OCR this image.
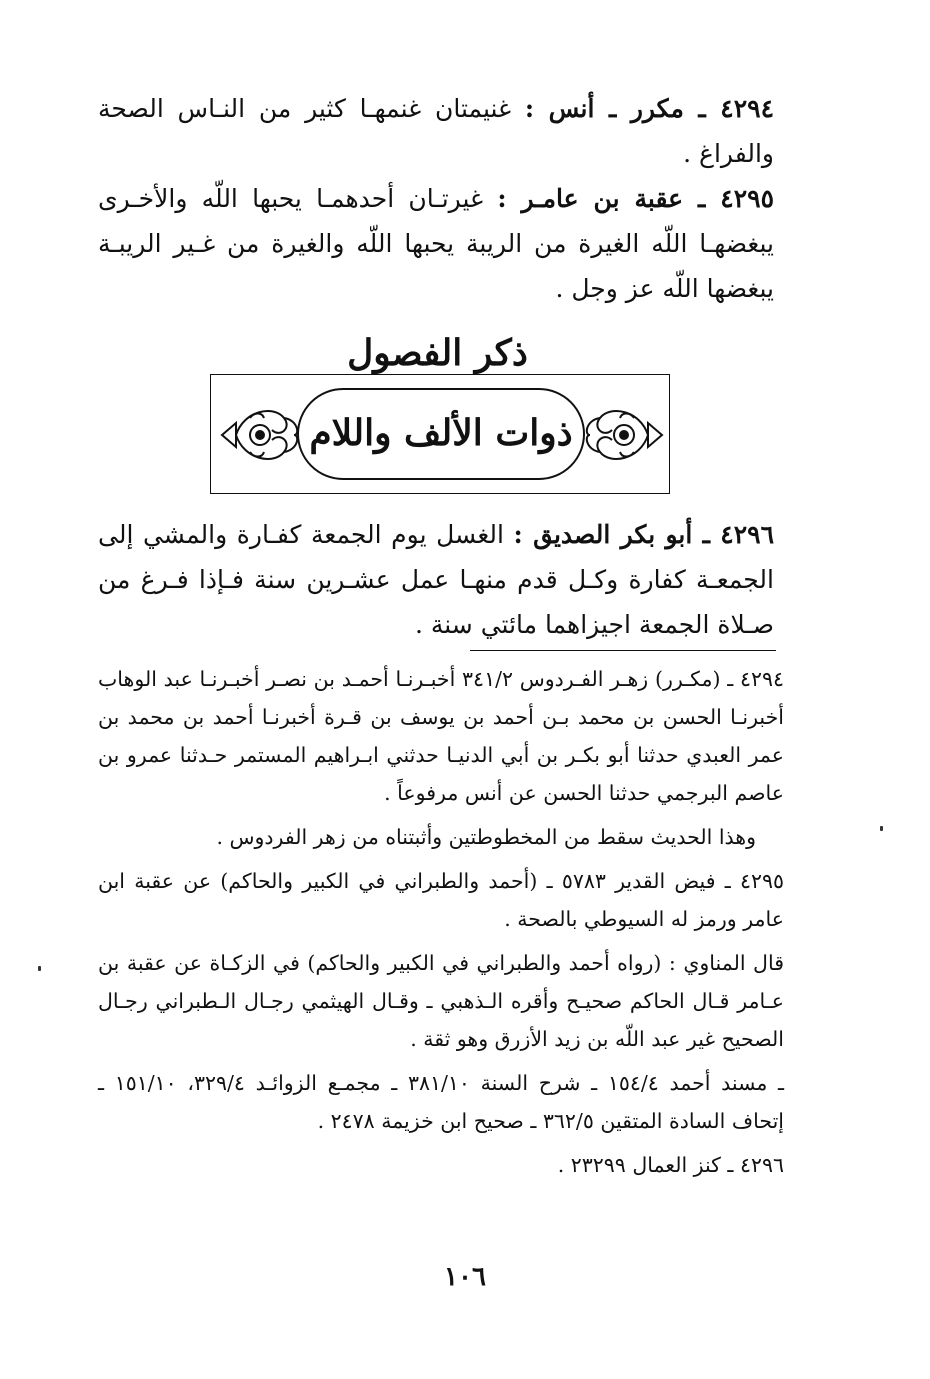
٤٢٩٤ ـ مكرر ـ أنس : غنيمتان غنمهـا كثير من النـاس الصحة والفراغ .

٤٢٩٥ ـ عقبة بن عامـر : غيرتـان أحدهمـا يحبها اللّه والأخـرى يبغضهـا اللّه الغيرة من الريبة يحبها اللّه والغيرة من غـير الريبـة يبغضها اللّه عز وجل .

ذكر الفصول
ذوات الألف واللام

٤٢٩٦ ـ أبو بكر الصديق : الغسل يوم الجمعة كفـارة والمشي إلى الجمعـة كفارة وكـل قدم منهـا عمل عشـرين سنة فـإذا فـرغ من صـلاة الجمعة اجيزاهما مائتي سنة .

٤٢٩٤ ـ (مكـرر) زهـر الفـردوس ٣٤١/٢ أخبـرنـا أحمـد بن نصـر أخبـرنـا عبد الوهاب أخبرنـا الحسن بن محمد بـن أحمد بن يوسف بن قـرة أخبرنـا أحمد بن محمد بن عمر العبدي حدثنا أبو بكـر بن أبي الدنيـا حدثني ابـراهيم المستمر حـدثنا عمرو بن عاصم البرجمي حدثنا الحسن عن أنس مرفوعاً .

وهذا الحديث سقط من المخطوطتين وأثبتناه من زهر الفردوس .

٤٢٩٥ ـ فيض القدير ٥٧٨٣ ـ (أحمد والطبراني في الكبير والحاكم) عن عقبة ابن عامر ورمز له السيوطي بالصحة .

قال المناوي : (رواه أحمد والطبراني في الكبير والحاكم) في الزكـاة عن عقبة بن عـامر قـال الحاكم صحيـح وأقره الـذهبي ـ وقـال الهيثمي رجـال الـطبراني رجـال الصحيح غير عبد اللّه بن زيد الأزرق وهو ثقة .

ـ مسند أحمد ١٥٤/٤ ـ شرح السنة ٣٨١/١٠ ـ مجمـع الزوائـد ٣٢٩/٤، ١٥١/١٠ ـ إتحاف السادة المتقين ٣٦٢/٥ ـ صحيح ابن خزيمة ٢٤٧٨ .

٤٢٩٦ ـ كنز العمال ٢٣٢٩٩ .

١٠٦
